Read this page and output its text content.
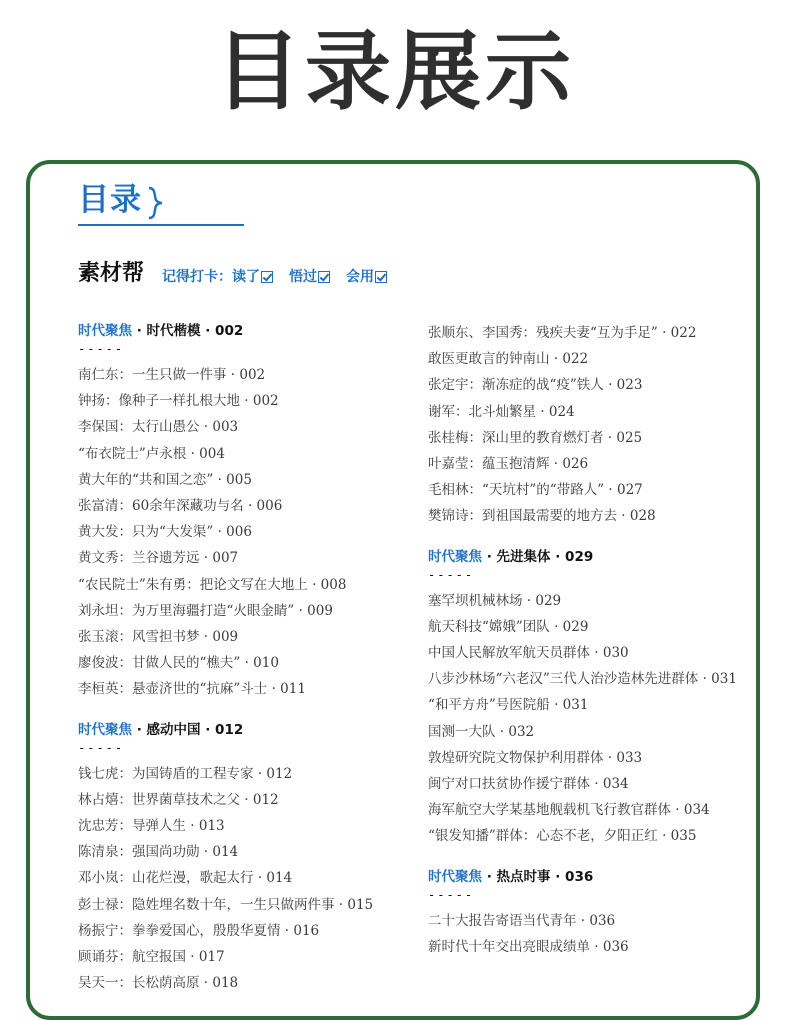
目录展示
目录
素材帮 记得打卡： 读了 悟过 会用
时代聚焦 · 时代楷模 · 002
-----
南仁东：一生只做一件事 · 002
钟扬：像种子一样扎根大地 · 002
李保国：太行山愚公 · 003
“布衣院士”卢永根 · 004
黄大年的“共和国之恋” · 005
张富清：60余年深藏功与名 · 006
黄大发：只为“大发渠” · 006
黄文秀：兰谷遗芳远 · 007
“农民院士”朱有勇：把论文写在大地上 · 008
刘永坦：为万里海疆打造“火眼金睛” · 009
张玉滚：风雪担书梦 · 009
廖俊波：甘做人民的“樵夫” · 010
李桓英：悬壶济世的“抗麻”斗士 · 011
时代聚焦 · 感动中国 · 012
-----
钱七虎：为国铸盾的工程专家 · 012
林占熺：世界菌草技术之父 · 012
沈忠芳：导弹人生 · 013
陈清泉：强国尚功勋 · 014
邓小岚：山花烂漫，歌起太行 · 014
彭士禄：隐姓埋名数十年，一生只做两件事 · 015
杨振宁：拳拳爱国心，殷殷华夏情 · 016
顾诵芬：航空报国 · 017
吴天一：长松荫高原 · 018
张顺东、李国秀：残疾夫妻“互为手足” · 022
敢医更敢言的钟南山 · 022
张定宇：渐冻症的战“疫”铁人 · 023
谢军：北斗灿繁星 · 024
张桂梅：深山里的教育燃灯者 · 025
叶嘉莹：蕴玉抱清辉 · 026
毛相林：“天坑村”的“带路人” · 027
樊锦诗：到祖国最需要的地方去 · 028
时代聚焦 · 先进集体 · 029
-----
塞罕坝机械林场 · 029
航天科技“嫦娥”团队 · 029
中国人民解放军航天员群体 · 030
八步沙林场“六老汉”三代人治沙造林先进群体 · 031
“和平方舟”号医院船 · 031
国测一大队 · 032
敦煌研究院文物保护利用群体 · 033
闽宁对口扶贫协作援宁群体 · 034
海军航空大学某基地舰载机飞行教官群体 · 034
“银发知播”群体：心态不老，夕阳正红 · 035
时代聚焦 · 热点时事 · 036
-----
二十大报告寄语当代青年 · 036
新时代十年交出亮眼成绩单 · 036
